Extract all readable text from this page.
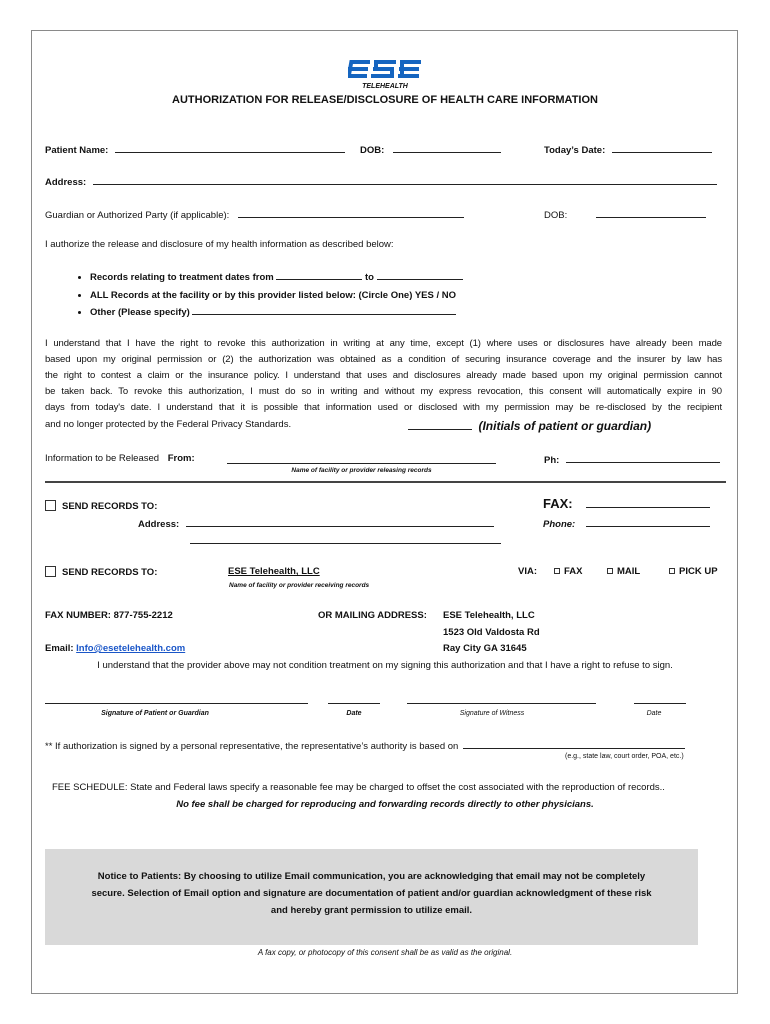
TELEHEALTH
AUTHORIZATION FOR RELEASE/DISCLOSURE OF HEALTH CARE INFORMATION
Patient Name:	DOB:	Today’s Date:
Address:
Guardian or Authorized Party (if applicable):	DOB:
I authorize the release and disclosure of my health information as described below:
• Records relating to treatment dates from	to
• ALL Records at the facility or by this provider listed below: (Circle One) YES / NO
• Other (Please specify)
I understand that I have the right to revoke this authorization in writing at any time, except (1) where uses or disclosures have already been made
based upon my original permission or (2) the authorization was obtained as a condition of securing insurance coverage and the insurer by law has
the right to contest a claim or the insurance policy. I understand that uses and disclosures already made based upon my original permission cannot
be taken back. To revoke this authorization, I must do so in writing and without my express revocation, this consent will automatically expire in 90
days from today's date. I understand that it is possible that information used or disclosed with my permission may be re-disclosed by the recipient
and no longer protected by the Federal Privacy Standards.	(Initials of patient or guardian)
Information to be Released From:
Name of facility or provider releasing records
Ph:
SEND RECORDS TO:
Address:
FAX:
Phone:
SEND RECORDS TO:	ESE Telehealth, LLC
Name of facility or provider receiving records
VIA:	FAX	MAIL	PICK UP
FAX NUMBER: 877-755-2212	OR MAILING ADDRESS: ESE Telehealth, LLC
1523 Old Valdosta Rd
Ray City GA 31645
Email: Info@esetelehealth.com
I understand that the provider above may not condition treatment on my signing this authorization and that I have a right to refuse to sign.
Signature of Patient or Guardian	Date	Signature of Witness	Date
** If authorization is signed by a personal representative, the representative’s authority is based on
(e.g., state law, court order, POA, etc.)
FEE SCHEDULE: State and Federal laws specify a reasonable fee may be charged to offset the cost associated with the reproduction of records..
No fee shall be charged for reproducing and forwarding records directly to other physicians.
Notice to Patients: By choosing to utilize Email communication, you are acknowledging that email may not be completely
secure. Selection of Email option and signature are documentation of patient and/or guardian acknowledgment of these risk
and hereby grant permission to utilize email.
A fax copy, or photocopy of this consent shall be as valid as the original.
